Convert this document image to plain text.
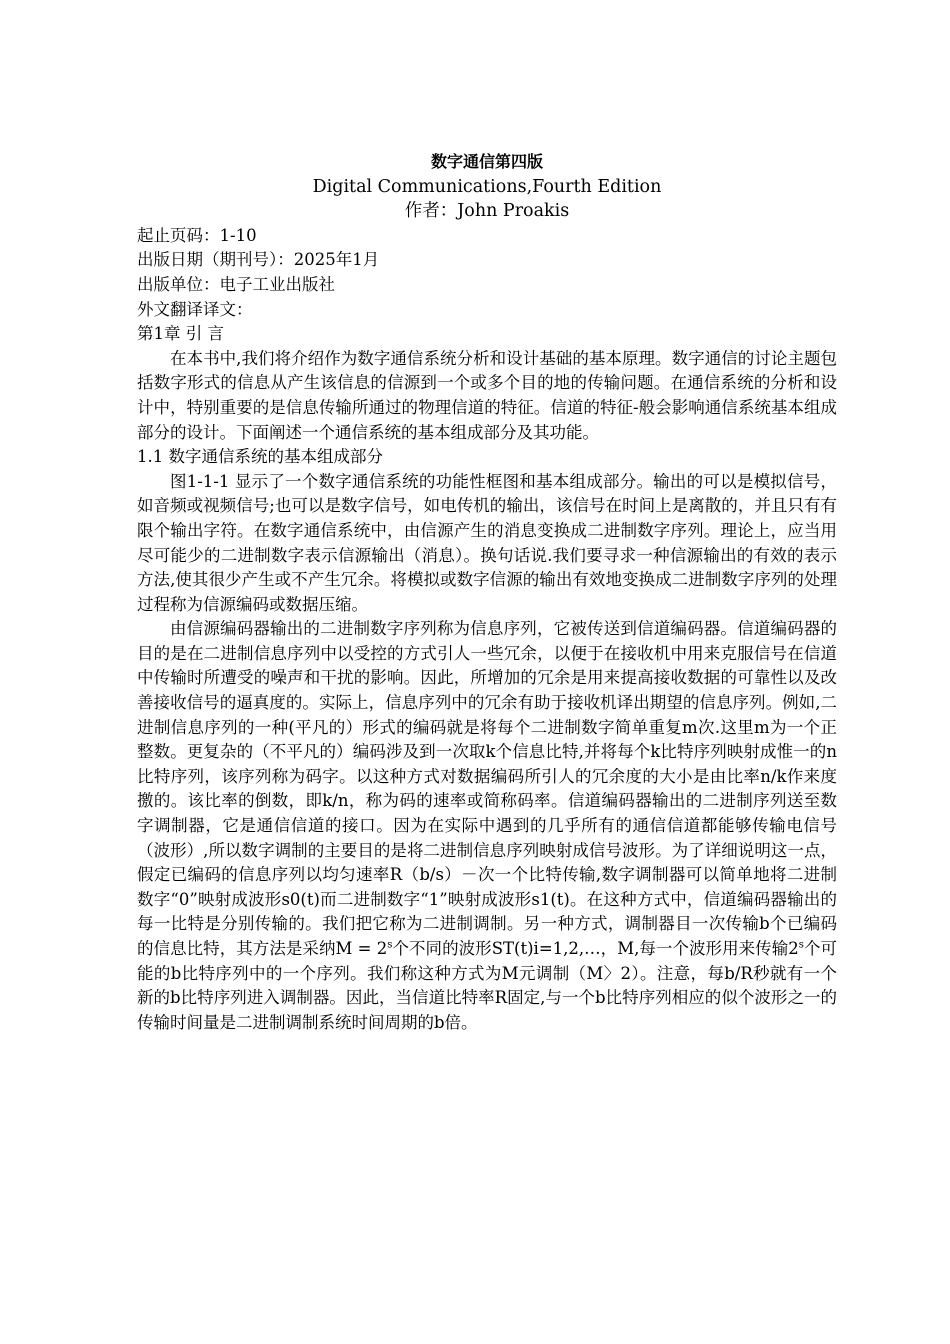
数字通信第四版
Digital Communications,Fourth Edition
作者：John Proakis
起止页码：1-10
出版日期（期刊号）：2025年1月
出版单位：电子工业出版社
外文翻译译文：
第1章 引 言

在本书中,我们将介绍作为数字通信系统分析和设计基础的基本原理。数字通信的讨论主题包括数字形式的信息从产生该信息的信源到一个或多个目的地的传输问题。在通信系统的分析和设计中，特别重要的是信息传输所通过的物理信道的特征。信道的特征-般会影响通信系统基本组成部分的设计。下面阐述一个通信系统的基本组成部分及其功能。

1.1 数字通信系统的基本组成部分

图1-1-1 显示了一个数字通信系统的功能性框图和基本组成部分。输出的可以是模拟信号，如音频或视频信号;也可以是数字信号，如电传机的输出，该信号在时间上是离散的，并且只有有限个输出字符。在数字通信系统中，由信源产生的消息变换成二进制数字序列。理论上，应当用尽可能少的二进制数字表示信源输出（消息）。换句话说.我们要寻求一种信源输出的有效的表示方法,使其很少产生或不产生冗余。将模拟或数字信源的输出有效地变换成二进制数字序列的处理过程称为信源编码或数据压缩。

由信源编码器输出的二进制数字序列称为信息序列，它被传送到信道编码器。信道编码器的目的是在二进制信息序列中以受控的方式引人一些冗余，以便于在接收机中用来克服信号在信道中传输时所遭受的噪声和干扰的影响。因此，所增加的冗余是用来提高接收数据的可靠性以及改善接收信号的逼真度的。实际上，信息序列中的冗余有助于接收机译出期望的信息序列。例如,二进制信息序列的一种(平凡的）形式的编码就是将每个二进制数字简单重复m次.这里m为一个正整数。更复杂的（不平凡的）编码涉及到一次取k个信息比特,并将每个k比特序列映射成惟一的n比特序列，该序列称为码字。以这种方式对数据编码所引人的冗余度的大小是由比率n/k作来度撽的。该比率的倒数，即k/n，称为码的速率或简称码率。信道编码器输出的二进制序列送至数字调制器，它是通信信道的接口。因为在实际中遇到的几乎所有的通信信道都能够传输电信号（波形）,所以数字调制的主要目的是将二进制信息序列映射成信号波形。为了详细说明这一点，假定已编码的信息序列以均匀速率R（b/s）－次一个比特传输,数字调制器可以简单地将二进制数字“0”映射成波形s0(t)而二进制数字“1”映射成波形s1(t)。在这种方式中，信道编码器输出的每一比特是分别传输的。我们把它称为二进制调制。另一种方式，调制器目一次传输b个已编码的信息比特，其方法是采纳$M = 2^s$个不同的波形ST(t)i=1,2,…，M,每一个波形用来传输2$^s$个可能的b比特序列中的一个序列。我们称这种方式为M元调制（M〉2）。注意，每b/R秒就有一个新的b比特序列进入调制器。因此，当信道比特率R固定,与一个b比特序列相应的似个波形之一的传输时间量是二进制调制系统时间周期的b倍。
